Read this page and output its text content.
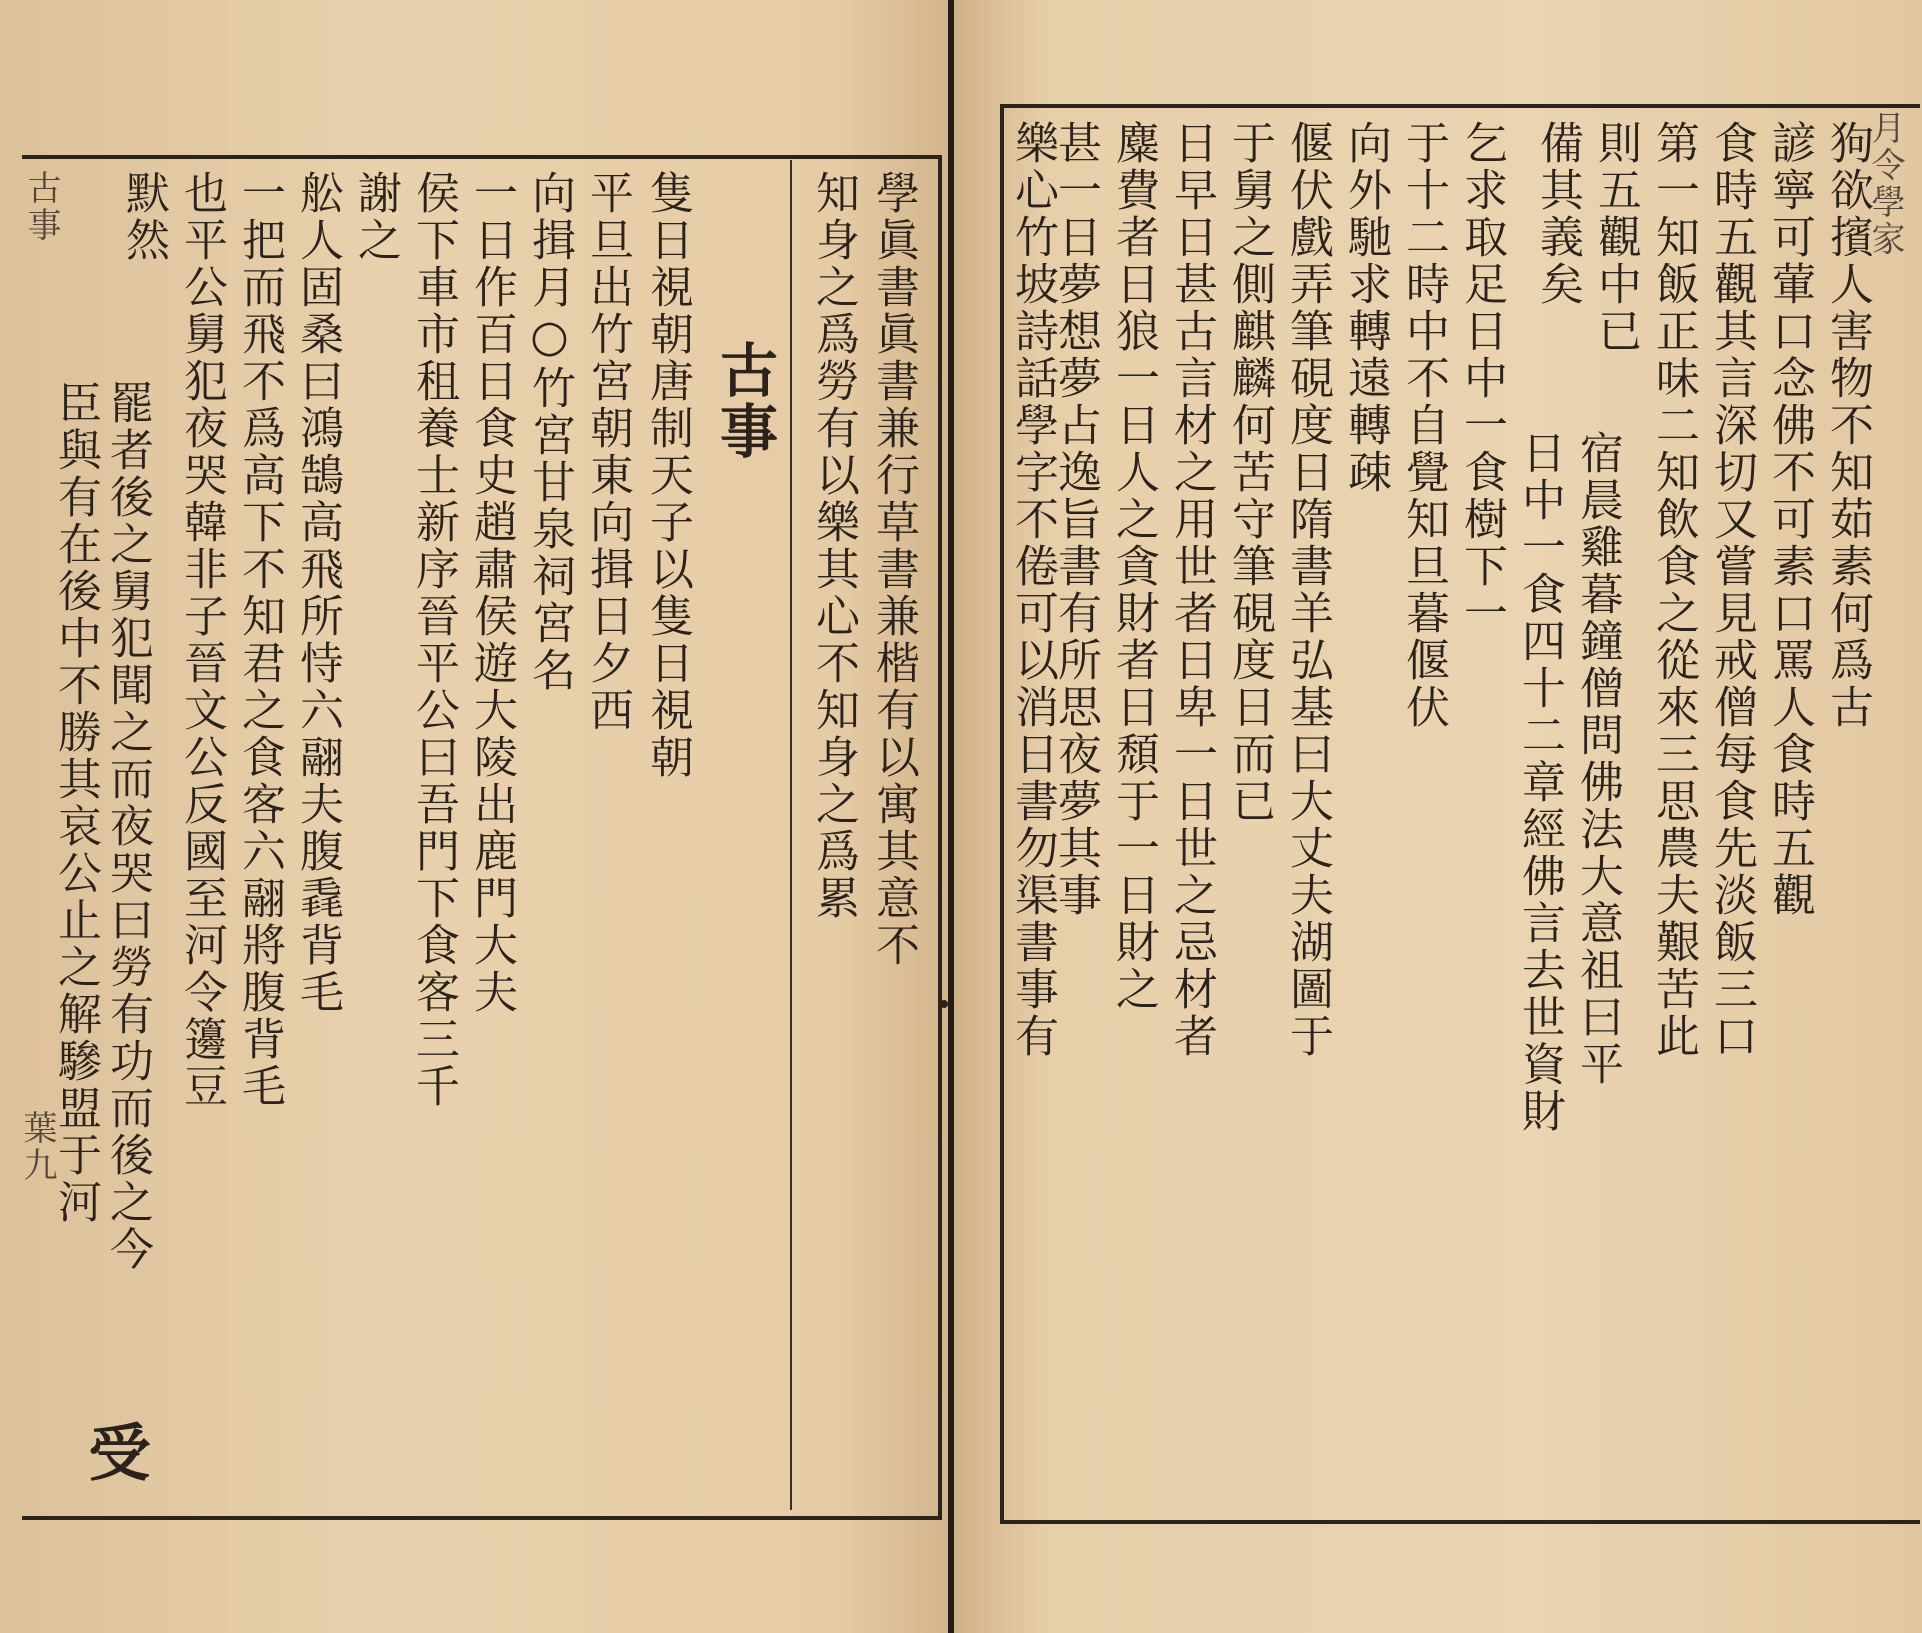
古事
葉九
學眞書眞書兼行草書兼楷有以寓其意不
知身之爲勞有以樂其心不知身之爲累
古事
隻日視朝唐制天子以隻日視朝
平旦出竹宮朝東向揖日夕西
向揖月○竹宮甘泉祠宮名
一日作百日食史趙肅侯遊大陵出鹿門大夫
侯下車市租養士新序晉平公曰吾門下食客三千
謝之
舩人固桑曰鴻鵠高飛所恃六翮夫腹毳背毛
一把而飛不爲高下不知君之食客六翮將腹背毛
也平公舅犯夜哭韓非子晉文公反國至河令籩豆
默然
罷者後之舅犯聞之而夜哭曰勞有功而後之今
臣與有在後中不勝其哀公止之解驂盟于河
受
月令學家
狗欲擯人害物不知茹素何爲古
諺寧可葷口念佛不可素口罵人食時五觀
食時五觀其言深切又嘗見戒僧每食先淡飯三口
第一知飯正味二知飲食之從來三思農夫艱苦此
則五觀中已
備其義矣
宿晨雞暮鐘僧問佛法大意祖曰平
日中一食四十二章經佛言去世資財
乞求取足日中一食樹下一
于十二時中不自覺知旦暮偃伏
向外馳求轉遠轉疎
偃伏戲弄筆硯度日隋書羊弘基曰大丈夫湖圖于
于舅之側麒麟何苦守筆硯度日而已
日早日甚古言材之用世者日卑一日世之忌材者
麋費者日狼一日人之貪財者日頹于一日財之
甚一日夢想夢占逸旨書有所思夜夢其事
樂心竹坡詩話學字不倦可以消日書勿渠書事有
